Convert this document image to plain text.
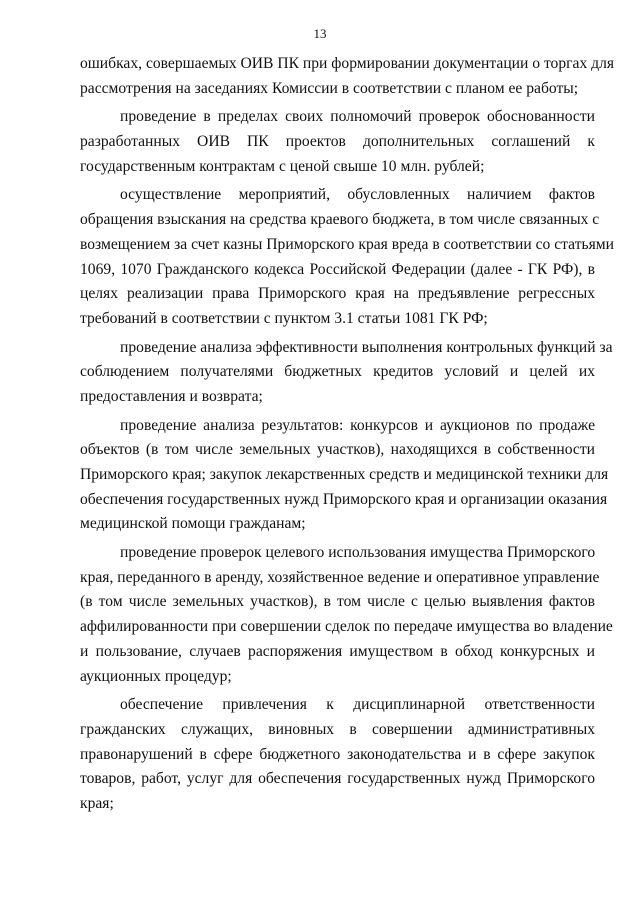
13
ошибках, совершаемых ОИВ ПК при формировании документации о торгах для
рассмотрения на заседаниях Комиссии в соответствии с планом ее работы;
проведение в пределах своих полномочий проверок обоснованности
разработанных ОИВ ПК проектов дополнительных соглашений к
государственным контрактам с ценой свыше 10 млн. рублей;
осуществление мероприятий, обусловленных наличием фактов
обращения взыскания на средства краевого бюджета, в том числе связанных с
возмещением за счет казны Приморского края вреда в соответствии со статьями
1069, 1070 Гражданского кодекса Российской Федерации (далее - ГК РФ), в
целях реализации права Приморского края на предъявление регрессных
требований в соответствии с пунктом 3.1 статьи 1081 ГК РФ;
проведение анализа эффективности выполнения контрольных функций за
соблюдением получателями бюджетных кредитов условий и целей их
предоставления и возврата;
проведение анализа результатов: конкурсов и аукционов по продаже
объектов (в том числе земельных участков), находящихся в собственности
Приморского края; закупок лекарственных средств и медицинской техники для
обеспечения государственных нужд Приморского края и организации оказания
медицинской помощи гражданам;
проведение проверок целевого использования имущества Приморского
края, переданного в аренду, хозяйственное ведение и оперативное управление
(в том числе земельных участков), в том числе с целью выявления фактов
аффилированности при совершении сделок по передаче имущества во владение
и пользование, случаев распоряжения имуществом в обход конкурсных и
аукционных процедур;
обеспечение привлечения к дисциплинарной ответственности
гражданских служащих, виновных в совершении административных
правонарушений в сфере бюджетного законодательства и в сфере закупок
товаров, работ, услуг для обеспечения государственных нужд Приморского
края;
